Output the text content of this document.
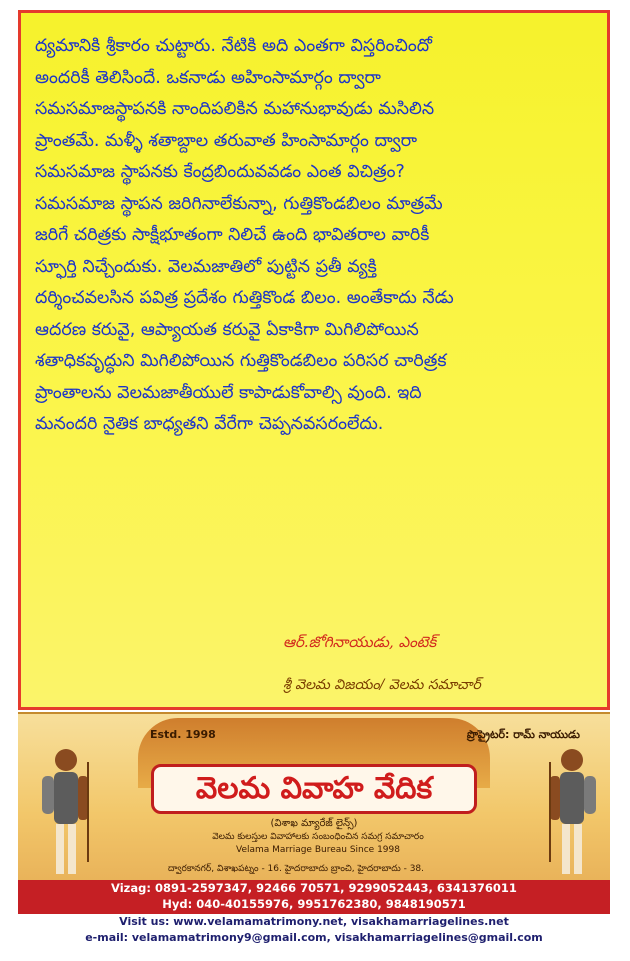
ద్యమానికి శ్రీకారం చుట్టారు. నేటికి అది ఎంతగా విస్తరించిందో
అందరికీ తెలిసిందే. ఒకనాడు అహింసామార్గం ద్వారా
సమసమాజస్థాపనకి నాందిపలికిన మహానుభావుడు మసిలిన
ప్రాంతమే. మళ్ళీ శతాబ్దాల తరువాత హింసామార్గం ద్వారా
సమసమాజ స్థాపనకు కేంద్రబిందువవడం ఎంత విచిత్రం?
సమసమాజ స్థాపన జరిగినాలేకున్నా, గుత్తికొండబిలం మాత్రమే
జరిగే చరిత్రకు సాక్షీభూతంగా నిలిచే ఉంది భావితరాల వారికీ
స్ఫూర్తి నిచ్చేందుకు. వెలమజాతిలో పుట్టిన ప్రతీ వ్యక్తి
దర్శించవలసిన పవిత్ర ప్రదేశం గుత్తికొండ బిలం. అంతేకాదు నేడు
ఆదరణ కరువై, ఆప్యాయత కరువై ఏకాకిగా మిగిలిపోయిన
శతాధికవృద్ధుని మిగిలిపోయిన గుత్తికొండబిలం పరిసర చారిత్రక
ప్రాంతాలను వెలమజాతీయులే కాపాడుకోవాల్సి వుంది. ఇది
మనందరి నైతిక బాధ్యతని వేరేగా చెప్పనవసరంలేదు.
ఆర్.జోగినాయుడు, ఎంటెక్
శ్రీ వెలమ విజయం/ వెలమ సమాచార్
Estd. 1998	ప్రొప్రైటర్: రామ్ నాయుడు
వెలమ వివాహ వేదిక
(విశాఖ మ్యారేజ్ లైన్స్)
వెలమ కులస్తుల వివాహాలకు సంబంధించిన సమగ్ర సమాచారం
Velama Marriage Bureau Since 1998
ద్వారకానగర్, విశాఖపట్నం - 16. హైదరాబాదు బ్రాంచి, హైదరాబాదు - 38.
Vizag: 0891-2597347, 92466 70571, 9299052443, 6341376011
Hyd: 040-40155976, 9951762380, 9848190571
Visit us: www.velamamatrimony.net, visakhamarriagelines.net
e-mail: velamamatrimony9@gmail.com, visakhamarriagelines@gmail.com
